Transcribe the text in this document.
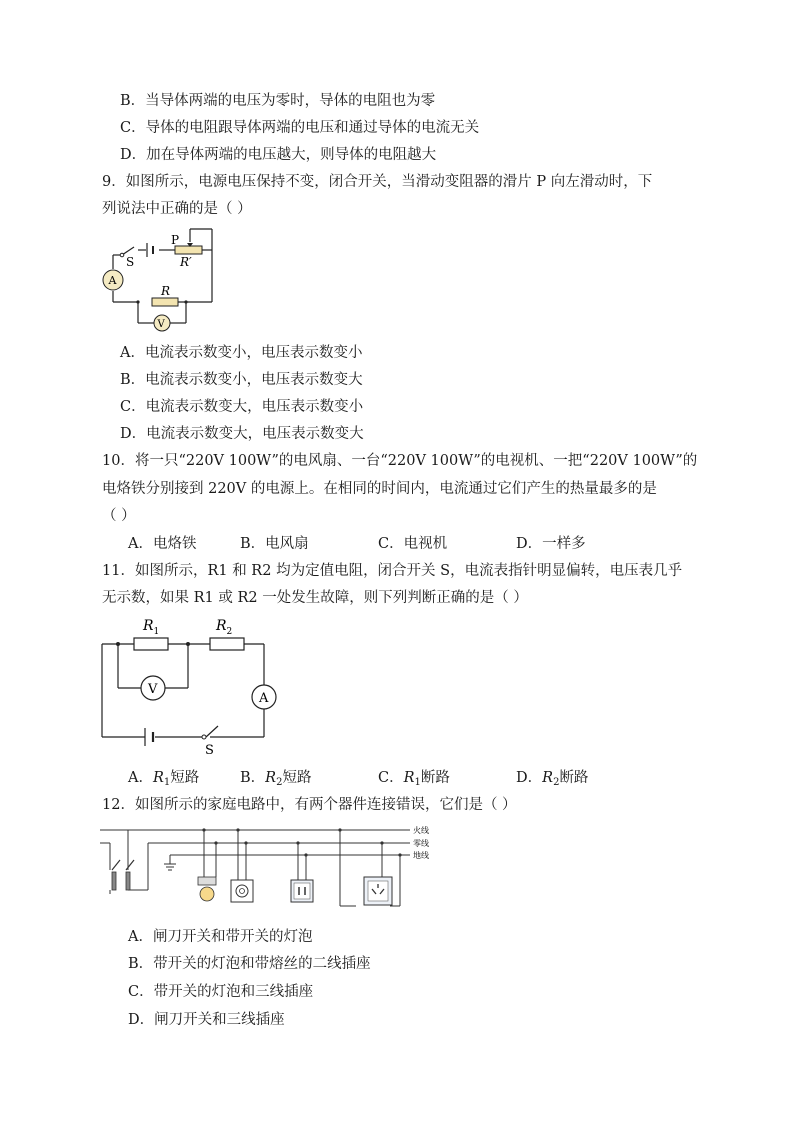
B．当导体两端的电压为零时，导体的电阻也为零
C．导体的电阻跟导体两端的电压和通过导体的电流无关
D．加在导体两端的电压越大，则导体的电阻越大
9．如图所示，电源电压保持不变，闭合开关，当滑动变阻器的滑片 P 向左滑动时，下
列说法中正确的是（ ）
S
P
R′
A
R
V
A．电流表示数变小，电压表示数变小
B．电流表示数变小，电压表示数变大
C．电流表示数变大，电压表示数变小
D．电流表示数变大，电压表示数变大
10．将一只“220V 100W”的电风扇、一台“220V 100W”的电视机、一把“220V 100W”的
电烙铁分别接到 220V 的电源上。在相同的时间内，电流通过它们产生的热量最多的是
（ ）
A．电烙铁	B．电风扇	C．电视机	D．一样多
11．如图所示，R1 和 R2 均为定值电阻，闭合开关 S，电流表指针明显偏转，电压表几乎
无示数，如果 R1 或 R2 一处发生故障，则下列判断正确的是（ ）
$R_1$	$R_2$
V
A
S
A．$R_1$短路	B．$R_2$短路	C．$R_1$断路	D．$R_2$断路
12．如图所示的家庭电路中，有两个器件连接错误，它们是（ ）
火线
零线
地线
A．闸刀开关和带开关的灯泡
B．带开关的灯泡和带熔丝的二线插座
C．带开关的灯泡和三线插座
D．闸刀开关和三线插座
